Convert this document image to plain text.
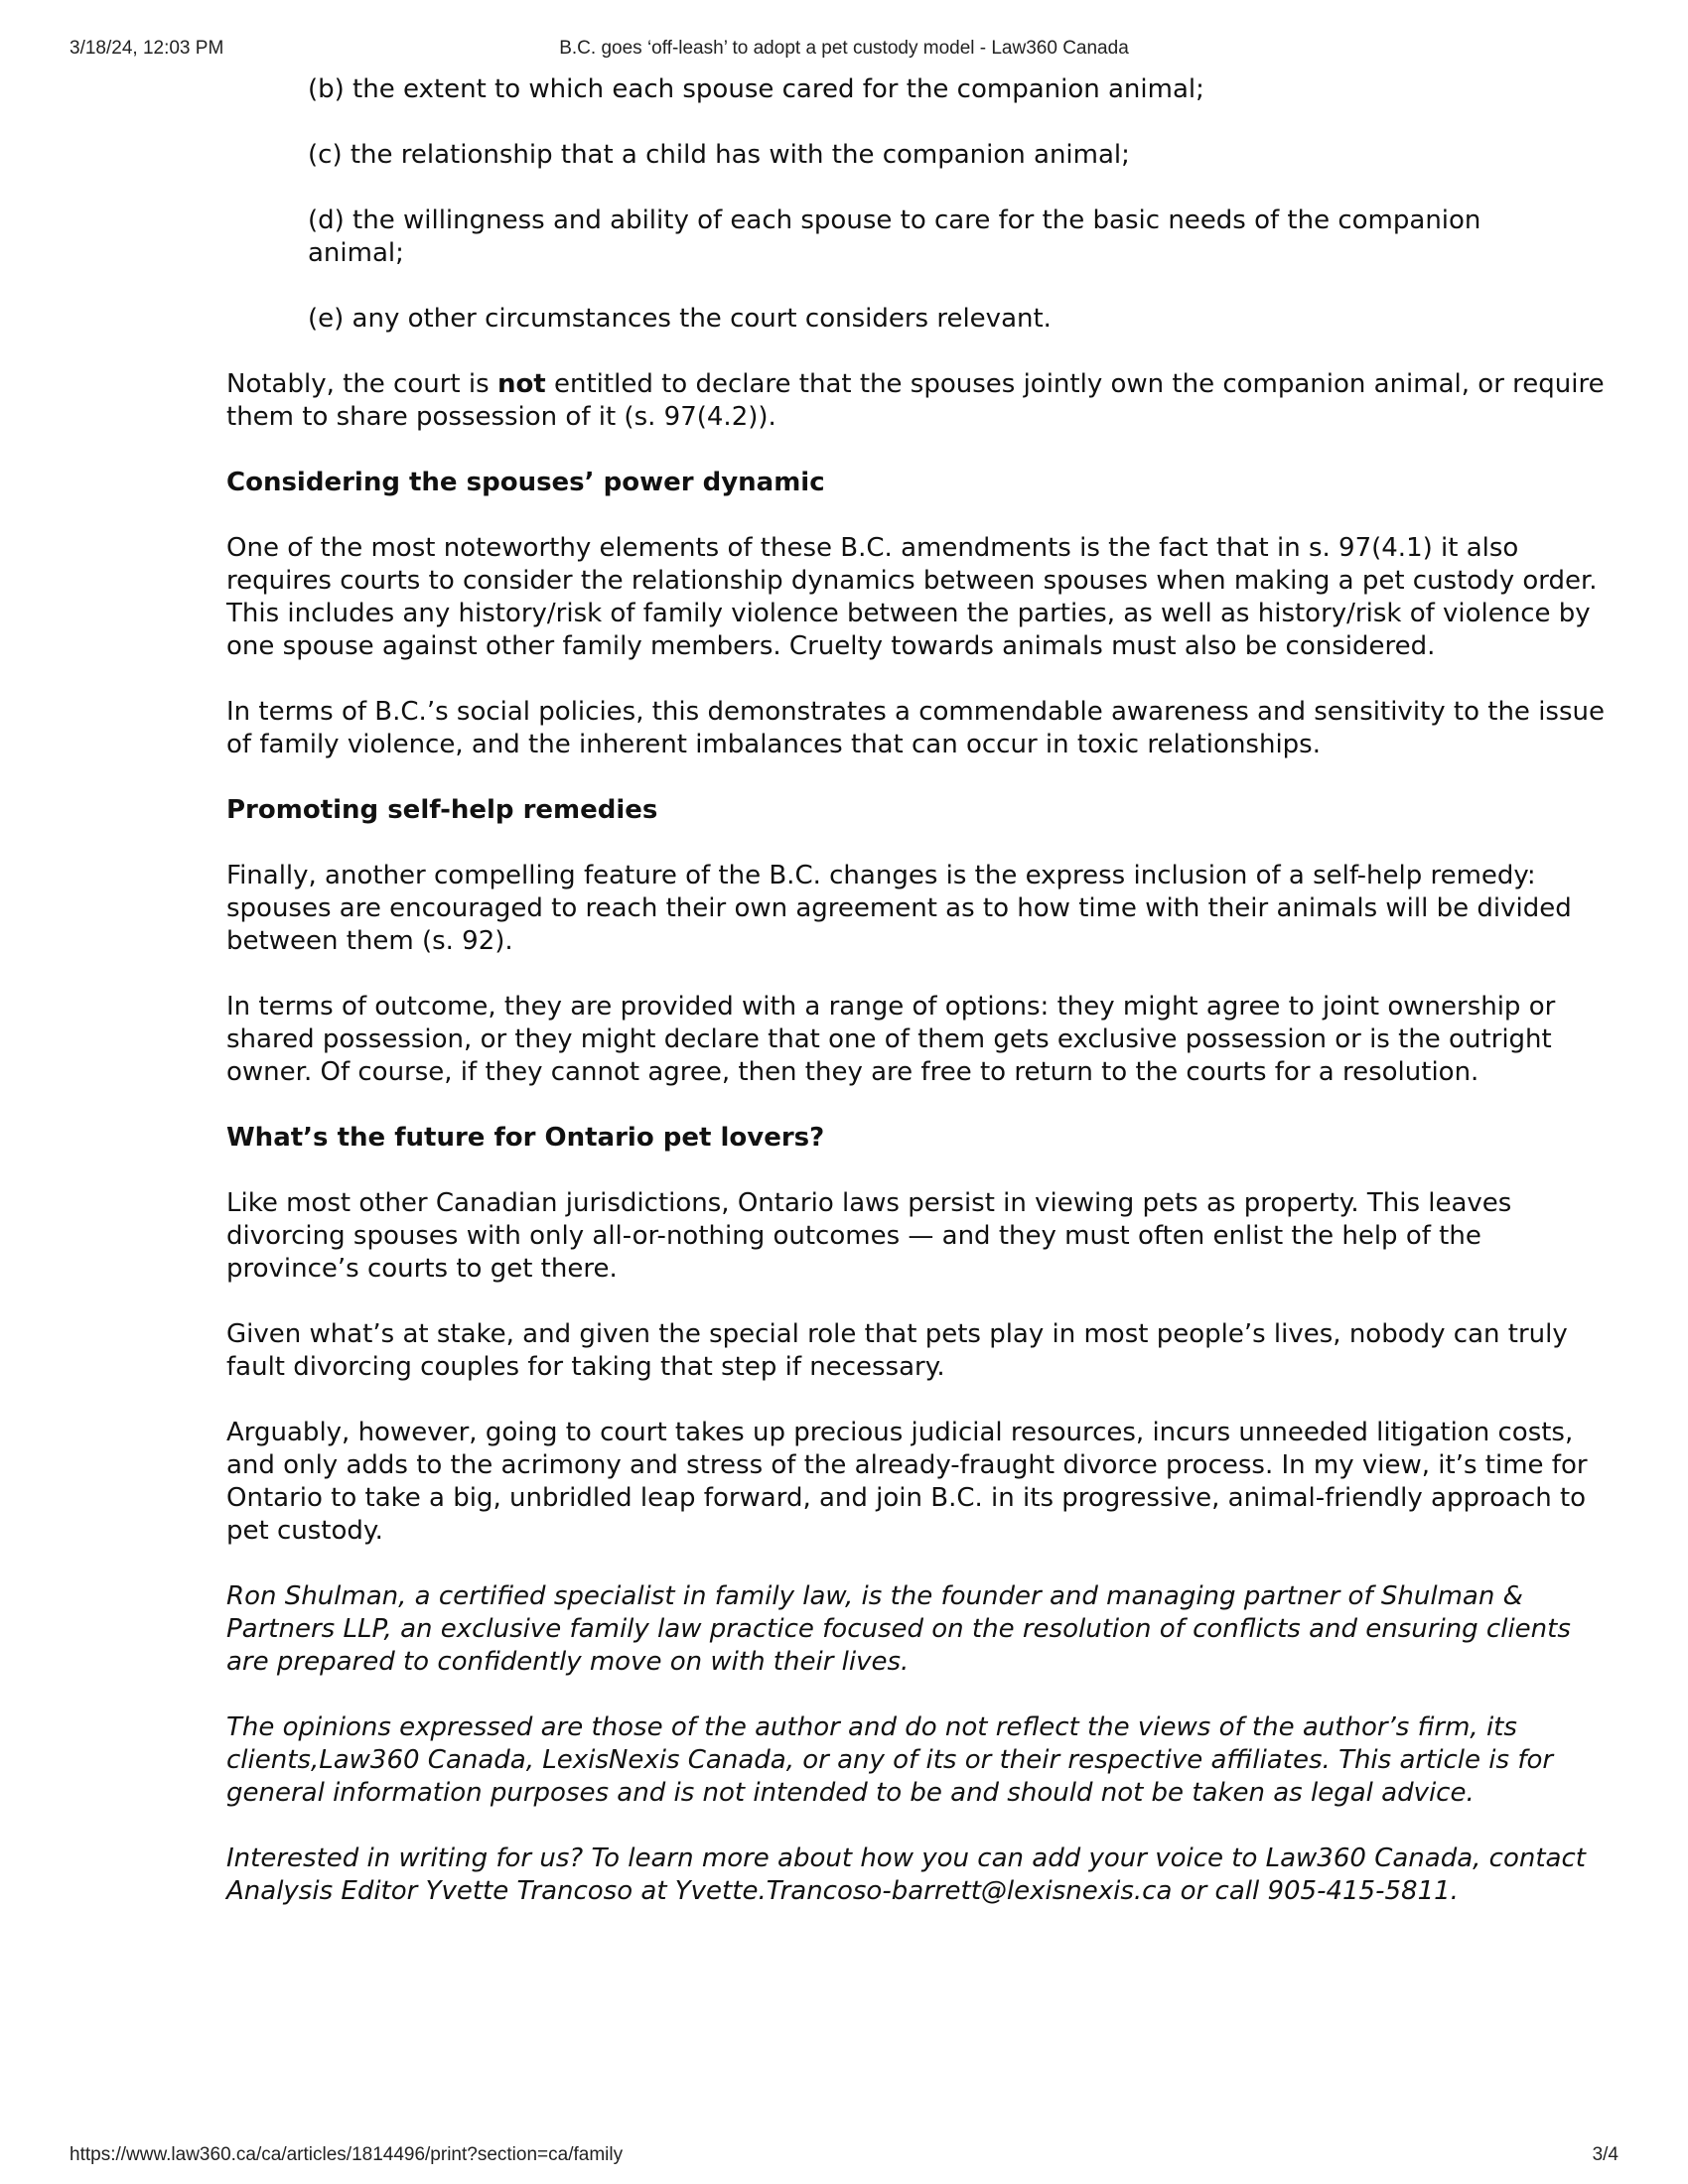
3/18/24, 12:03 PM	B.C. goes ‘off-leash’ to adopt a pet custody model - Law360 Canada

(b) the extent to which each spouse cared for the companion animal;

(c) the relationship that a child has with the companion animal;

(d) the willingness and ability of each spouse to care for the basic needs of the companion animal;

(e) any other circumstances the court considers relevant.

Notably, the court is not entitled to declare that the spouses jointly own the companion animal, or require them to share possession of it (s. 97(4.2)).

Considering the spouses’ power dynamic

One of the most noteworthy elements of these B.C. amendments is the fact that in s. 97(4.1) it also requires courts to consider the relationship dynamics between spouses when making a pet custody order. This includes any history/risk of family violence between the parties, as well as history/risk of violence by one spouse against other family members. Cruelty towards animals must also be considered.

In terms of B.C.’s social policies, this demonstrates a commendable awareness and sensitivity to the issue of family violence, and the inherent imbalances that can occur in toxic relationships.

Promoting self-help remedies

Finally, another compelling feature of the B.C. changes is the express inclusion of a self-help remedy: spouses are encouraged to reach their own agreement as to how time with their animals will be divided between them (s. 92).

In terms of outcome, they are provided with a range of options: they might agree to joint ownership or shared possession, or they might declare that one of them gets exclusive possession or is the outright owner. Of course, if they cannot agree, then they are free to return to the courts for a resolution.

What’s the future for Ontario pet lovers?

Like most other Canadian jurisdictions, Ontario laws persist in viewing pets as property. This leaves divorcing spouses with only all-or-nothing outcomes — and they must often enlist the help of the province’s courts to get there.

Given what’s at stake, and given the special role that pets play in most people’s lives, nobody can truly fault divorcing couples for taking that step if necessary.

Arguably, however, going to court takes up precious judicial resources, incurs unneeded litigation costs, and only adds to the acrimony and stress of the already-fraught divorce process. In my view, it’s time for Ontario to take a big, unbridled leap forward, and join B.C. in its progressive, animal-friendly approach to pet custody.

Ron Shulman, a certified specialist in family law, is the founder and managing partner of Shulman & Partners LLP, an exclusive family law practice focused on the resolution of conflicts and ensuring clients are prepared to confidently move on with their lives.

The opinions expressed are those of the author and do not reflect the views of the author’s firm, its clients,Law360 Canada, LexisNexis Canada, or any of its or their respective affiliates. This article is for general information purposes and is not intended to be and should not be taken as legal advice.

Interested in writing for us? To learn more about how you can add your voice to Law360 Canada, contact Analysis Editor Yvette Trancoso at Yvette.Trancoso-barrett@lexisnexis.ca or call 905-415-5811.

https://www.law360.ca/ca/articles/1814496/print?section=ca/family	3/4
